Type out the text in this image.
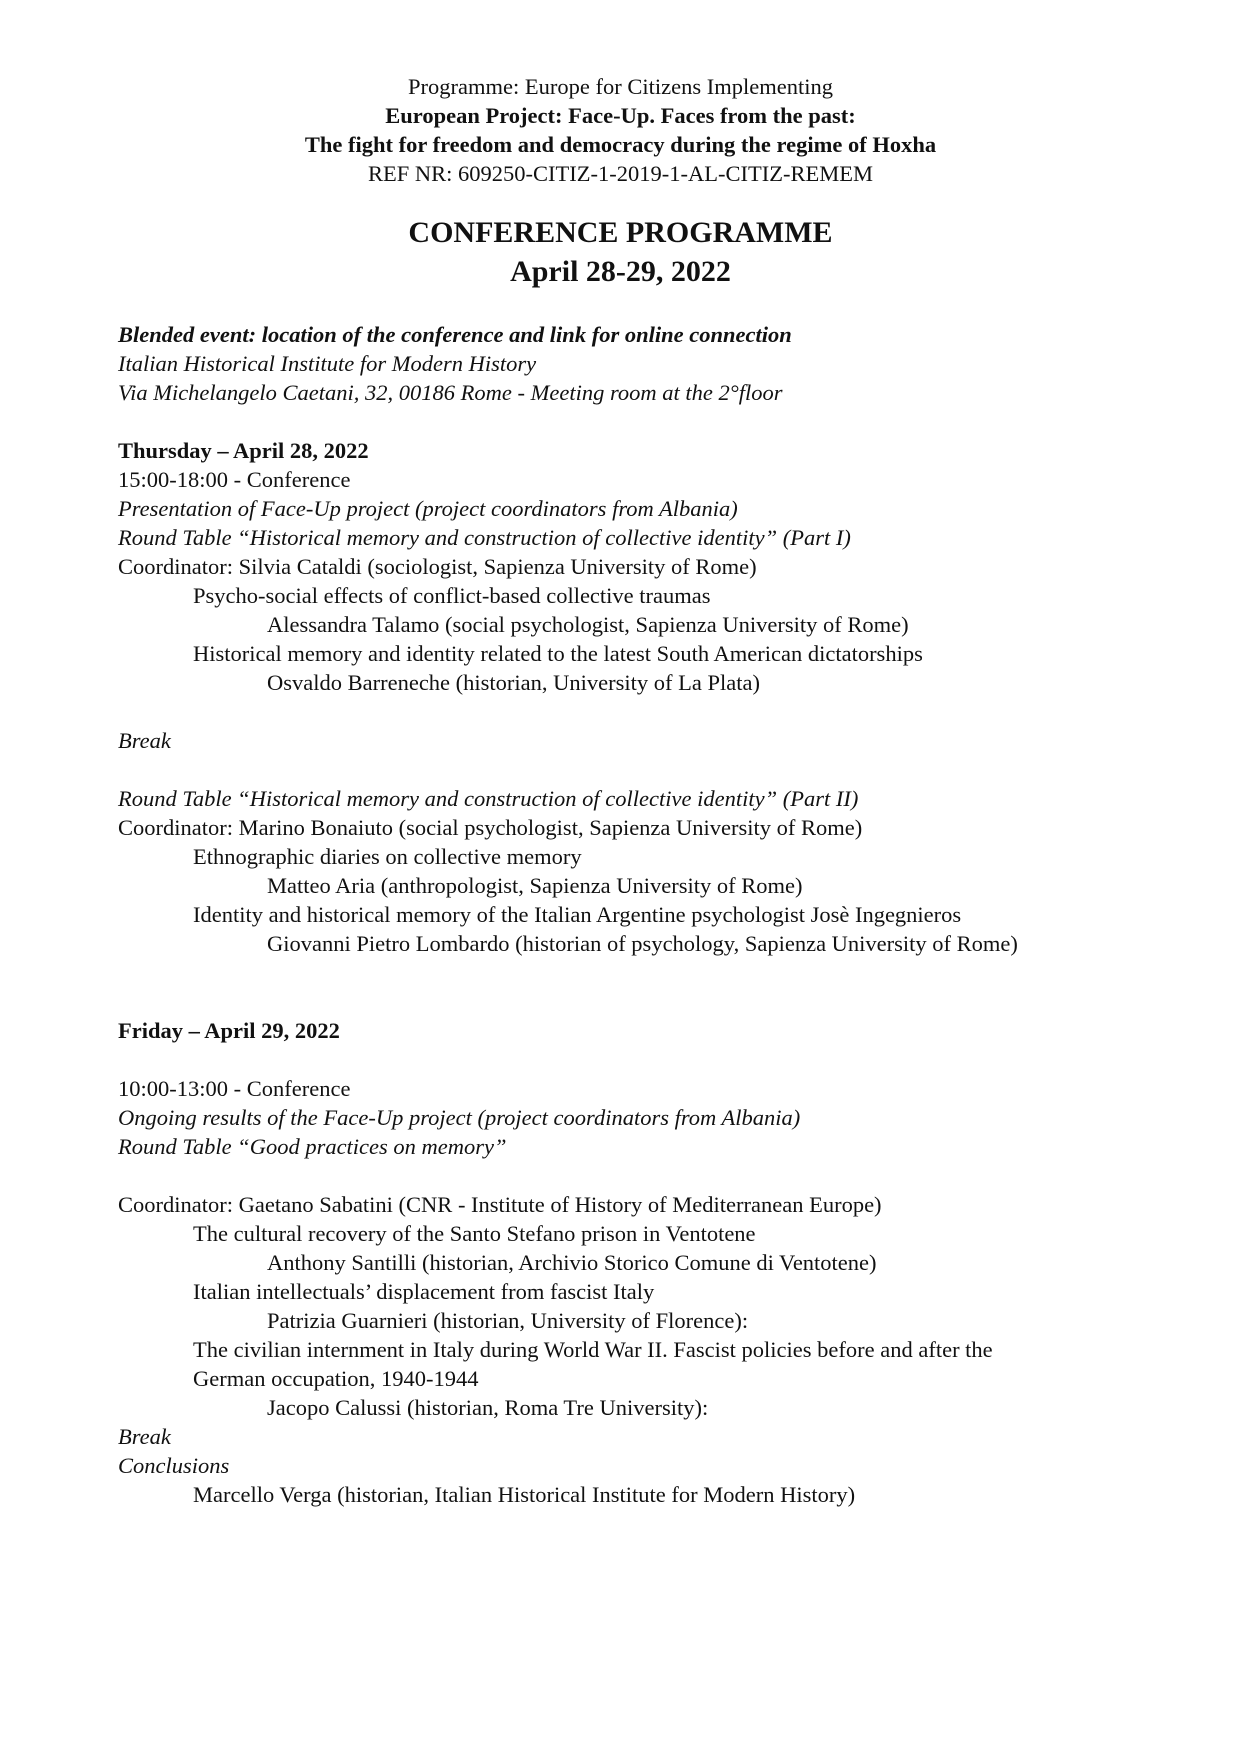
Programme: Europe for Citizens Implementing
European Project: Face-Up. Faces from the past:
The fight for freedom and democracy during the regime of Hoxha
REF NR: 609250-CITIZ-1-2019-1-AL-CITIZ-REMEM
CONFERENCE PROGRAMME
April 28-29, 2022
Blended event: location of the conference and link for online connection
Italian Historical Institute for Modern History
Via Michelangelo Caetani, 32, 00186 Rome - Meeting room at the 2°floor
Thursday – April 28, 2022
15:00-18:00 - Conference
Presentation of Face-Up project (project coordinators from Albania)
Round Table “Historical memory and construction of collective identity” (Part I)
Coordinator: Silvia Cataldi (sociologist, Sapienza University of Rome)
Psycho-social effects of conflict-based collective traumas
Alessandra Talamo (social psychologist, Sapienza University of Rome)
Historical memory and identity related to the latest South American dictatorships
Osvaldo Barreneche (historian, University of La Plata)
Break
Round Table “Historical memory and construction of collective identity” (Part II)
Coordinator: Marino Bonaiuto (social psychologist, Sapienza University of Rome)
Ethnographic diaries on collective memory
Matteo Aria (anthropologist, Sapienza University of Rome)
Identity and historical memory of the Italian Argentine psychologist Josè Ingegnieros
Giovanni Pietro Lombardo (historian of psychology, Sapienza University of Rome)
Friday – April 29, 2022
10:00-13:00 - Conference
Ongoing results of the Face-Up project (project coordinators from Albania)
Round Table “Good practices on memory”
Coordinator: Gaetano Sabatini (CNR - Institute of History of Mediterranean Europe)
The cultural recovery of the Santo Stefano prison in Ventotene
Anthony Santilli (historian, Archivio Storico Comune di Ventotene)
Italian intellectuals’ displacement from fascist Italy
Patrizia Guarnieri (historian, University of Florence):
The civilian internment in Italy during World War II. Fascist policies before and after the
German occupation, 1940-1944
Jacopo Calussi (historian, Roma Tre University):
Break
Conclusions
Marcello Verga (historian, Italian Historical Institute for Modern History)
